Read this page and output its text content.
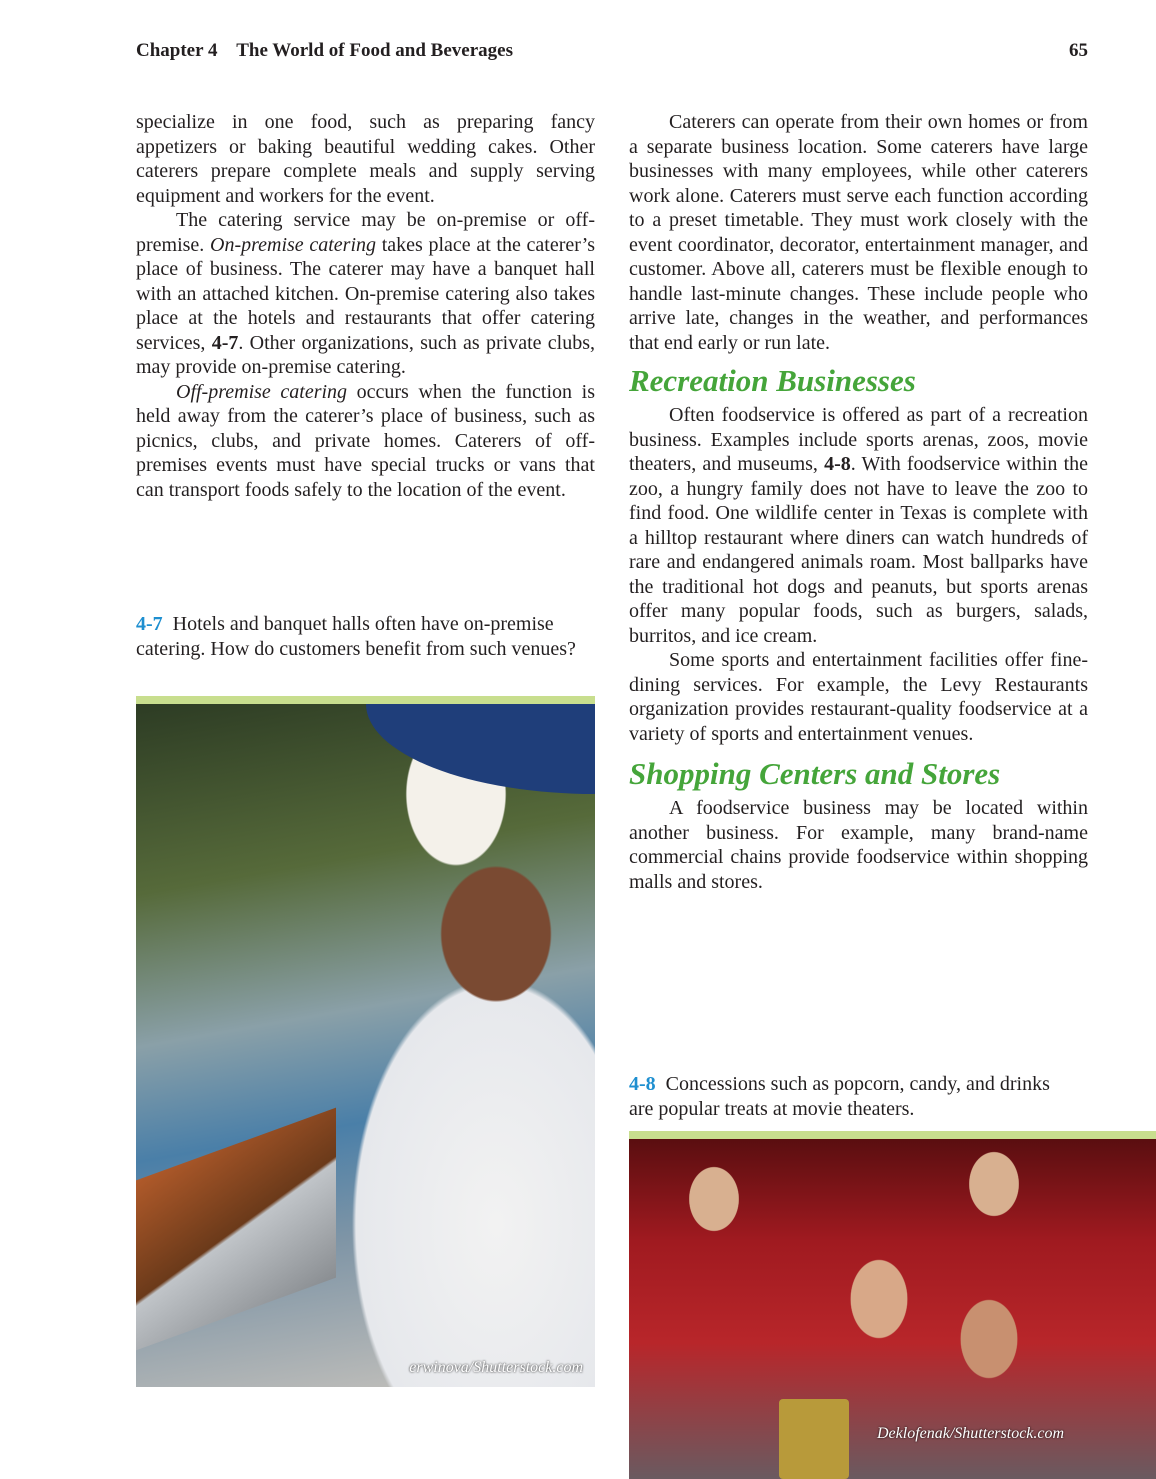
Chapter 4 The World of Food and Beverages	65

specialize in one food, such as preparing fancy appetizers or baking beautiful wedding cakes. Other caterers prepare complete meals and supply serving equipment and workers for the event.

The catering service may be on-premise or off-premise. On-premise catering takes place at the caterer’s place of business. The caterer may have a banquet hall with an attached kitchen. On-premise catering also takes place at the hotels and restaurants that offer catering services, 4-7. Other organizations, such as private clubs, may provide on-premise catering.

Off-premise catering occurs when the function is held away from the caterer’s place of business, such as picnics, clubs, and private homes. Caterers of off-premises events must have special trucks or vans that can transport foods safely to the location of the event.

4-7 Hotels and banquet halls often have on-premise catering. How do customers benefit from such venues?
erwinova/Shutterstock.com

Caterers can operate from their own homes or from a separate business location. Some caterers have large businesses with many employees, while other caterers work alone. Caterers must serve each function according to a preset timetable. They must work closely with the event coordinator, decorator, entertainment manager, and customer. Above all, caterers must be flexible enough to handle last-minute changes. These include people who arrive late, changes in the weather, and performances that end early or run late.

Recreation Businesses

Often foodservice is offered as part of a recreation business. Examples include sports arenas, zoos, movie theaters, and museums, 4-8. With foodservice within the zoo, a hungry family does not have to leave the zoo to find food. One wildlife center in Texas is complete with a hilltop restaurant where diners can watch hundreds of rare and endangered animals roam. Most ballparks have the traditional hot dogs and peanuts, but sports arenas offer many popular foods, such as burgers, salads, burritos, and ice cream.

Some sports and entertainment facilities offer fine-dining services. For example, the Levy Restaurants organization provides restaurant-quality foodservice at a variety of sports and entertainment venues.

Shopping Centers and Stores

A foodservice business may be located within another business. For example, many brand-name commercial chains provide foodservice within shopping malls and stores.

4-8 Concessions such as popcorn, candy, and drinks are popular treats at movie theaters.
Deklofenak/Shutterstock.com
